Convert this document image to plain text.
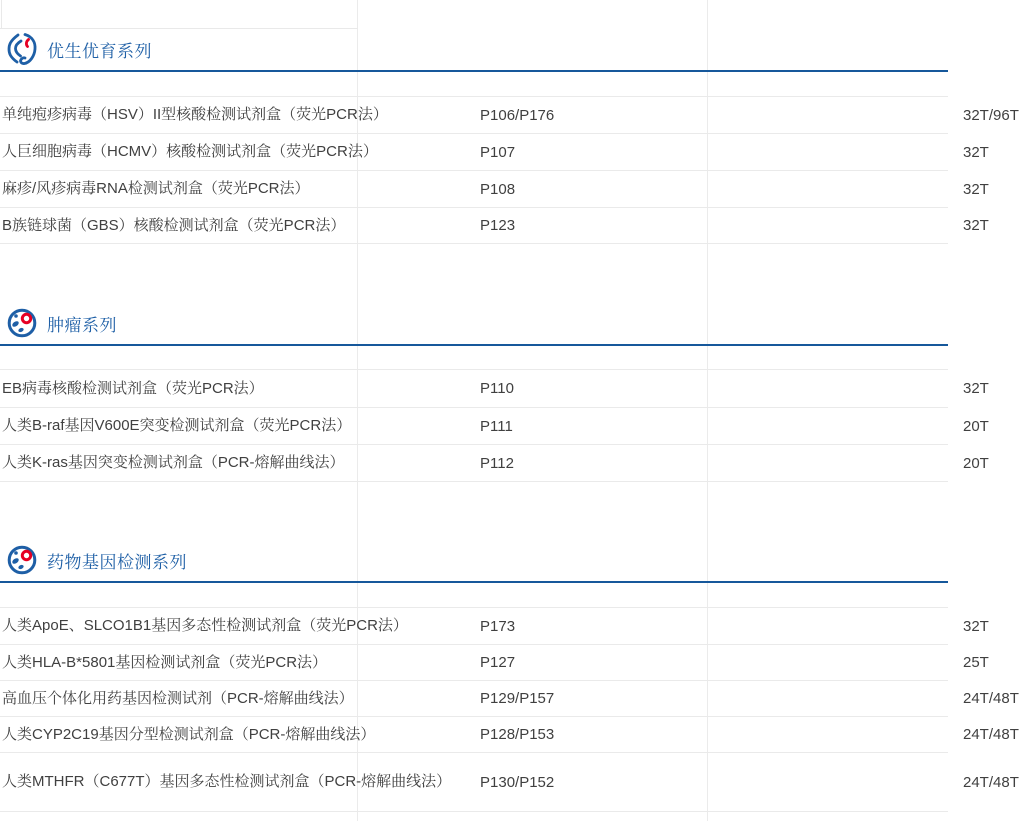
优生优育系列
单纯疱疹病毒（HSV）II型核酸检测试剂盒（荧光PCR法）	P106/P176	32T/96T
人巨细胞病毒（HCMV）核酸检测试剂盒（荧光PCR法）	P107	32T
麻疹/风疹病毒RNA检测试剂盒（荧光PCR法）	P108	32T
B族链球菌（GBS）核酸检测试剂盒（荧光PCR法）	P123	32T
肿瘤系列
EB病毒核酸检测试剂盒（荧光PCR法）	P110	32T
人类B-raf基因V600E突变检测试剂盒（荧光PCR法）	P111	20T
人类K-ras基因突变检测试剂盒（PCR-熔解曲线法）	P112	20T
药物基因检测系列
人类ApoE、SLCO1B1基因多态性检测试剂盒（荧光PCR法）	P173	32T
人类HLA-B*5801基因检测试剂盒（荧光PCR法）	P127	25T
高血压个体化用药基因检测试剂（PCR-熔解曲线法）	P129/P157	24T/48T
人类CYP2C19基因分型检测试剂盒（PCR-熔解曲线法）	P128/P153	24T/48T
人类MTHFR（C677T）基因多态性检测试剂盒（PCR-熔解曲线法）	P130/P152	24T/48T
